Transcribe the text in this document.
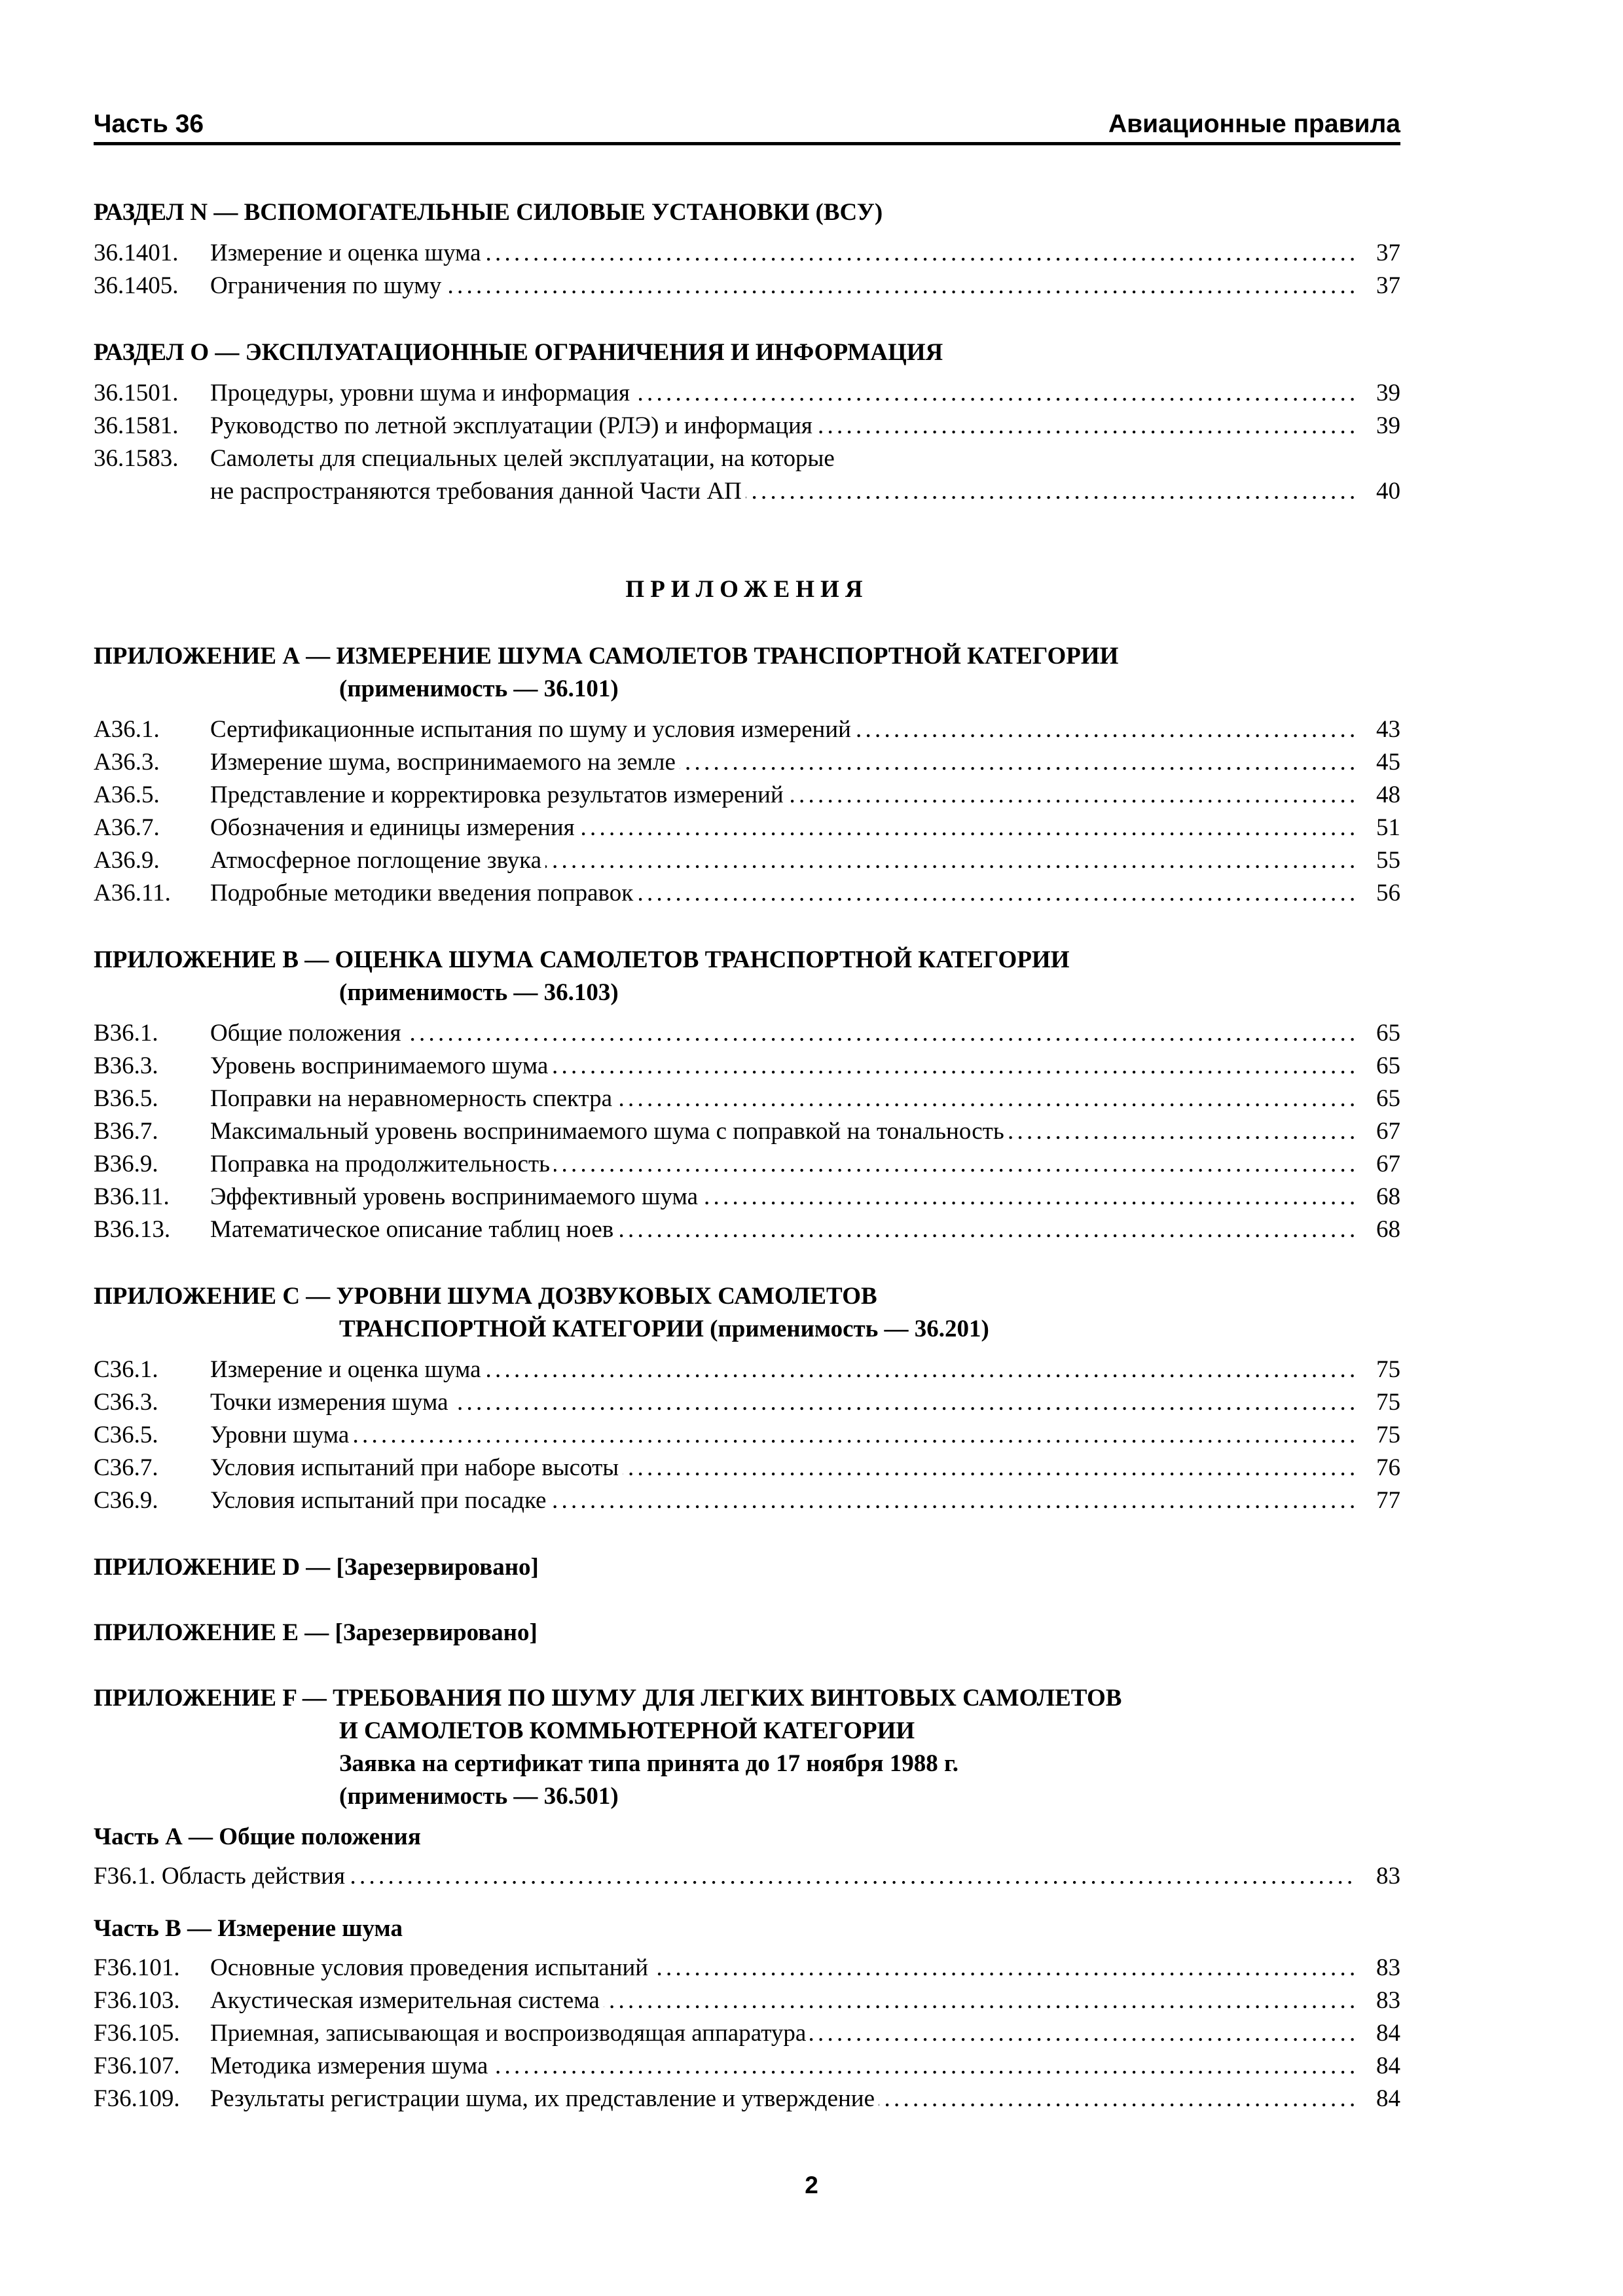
Часть 36	Авиационные правила
РАЗДЕЛ N — ВСПОМОГАТЕЛЬНЫЕ СИЛОВЫЕ УСТАНОВКИ (ВСУ)
36.1401. Измерение и оценка шума . . .	37
36.1405. Ограничения по шуму . . .	37
РАЗДЕЛ O — ЭКСПЛУАТАЦИОННЫЕ ОГРАНИЧЕНИЯ И ИНФОРМАЦИЯ
36.1501. Процедуры, уровни шума и информация . . .	39
36.1581. Руководство по летной эксплуатации (РЛЭ) и информация . . .	39
36.1583. Самолеты для специальных целей эксплуатации, на которые
не распространяются требования данной Части АП . . .	40
ПРИЛОЖЕНИЯ
ПРИЛОЖЕНИЕ А — ИЗМЕРЕНИЕ ШУМА САМОЛЕТОВ ТРАНСПОРТНОЙ КАТЕГОРИИ
(применимость — 36.101)
А36.1. Сертификационные испытания по шуму и условия измерений . . .	43
А36.3. Измерение шума, воспринимаемого на земле . . .	45
А36.5. Представление и корректировка результатов измерений . . .	48
А36.7. Обозначения и единицы измерения . . .	51
А36.9. Атмосферное поглощение звука . . .	55
А36.11. Подробные методики введения поправок . . .	56
ПРИЛОЖЕНИЕ В — ОЦЕНКА ШУМА САМОЛЕТОВ ТРАНСПОРТНОЙ КАТЕГОРИИ
(применимость — 36.103)
В36.1. Общие положения . . .	65
В36.3. Уровень воспринимаемого шума . . .	65
В36.5. Поправки на неравномерность спектра . . .	65
В36.7. Максимальный уровень воспринимаемого шума с поправкой на тональность . . .	67
В36.9. Поправка на продолжительность . . .	67
В36.11. Эффективный уровень воспринимаемого шума . . .	68
В36.13. Математическое описание таблиц ноев . . .	68
ПРИЛОЖЕНИЕ С — УРОВНИ ШУМА ДОЗВУКОВЫХ САМОЛЕТОВ
ТРАНСПОРТНОЙ КАТЕГОРИИ (применимость — 36.201)
С36.1. Измерение и оценка шума . . .	75
С36.3. Точки измерения шума . . .	75
С36.5. Уровни шума . . .	75
С36.7. Условия испытаний при наборе высоты . . .	76
С36.9. Условия испытаний при посадке . . .	77
ПРИЛОЖЕНИЕ D — [Зарезервировано]
ПРИЛОЖЕНИЕ E — [Зарезервировано]
ПРИЛОЖЕНИЕ F — ТРЕБОВАНИЯ ПО ШУМУ ДЛЯ ЛЕГКИХ ВИНТОВЫХ САМОЛЕТОВ
И САМОЛЕТОВ КОММЬЮТЕРНОЙ КАТЕГОРИИ
Заявка на сертификат типа принята до 17 ноября 1988 г.
(применимость — 36.501)
Часть А — Общие положения
F36.1. Область действия . . .	83
Часть В — Измерение шума
F36.101. Основные условия проведения испытаний . . .	83
F36.103. Акустическая измерительная система . . .	83
F36.105. Приемная, записывающая и воспроизводящая аппаратура . . .	84
F36.107. Методика измерения шума . . .	84
F36.109. Результаты регистрации шума, их представление и утверждение . . .	84
2
